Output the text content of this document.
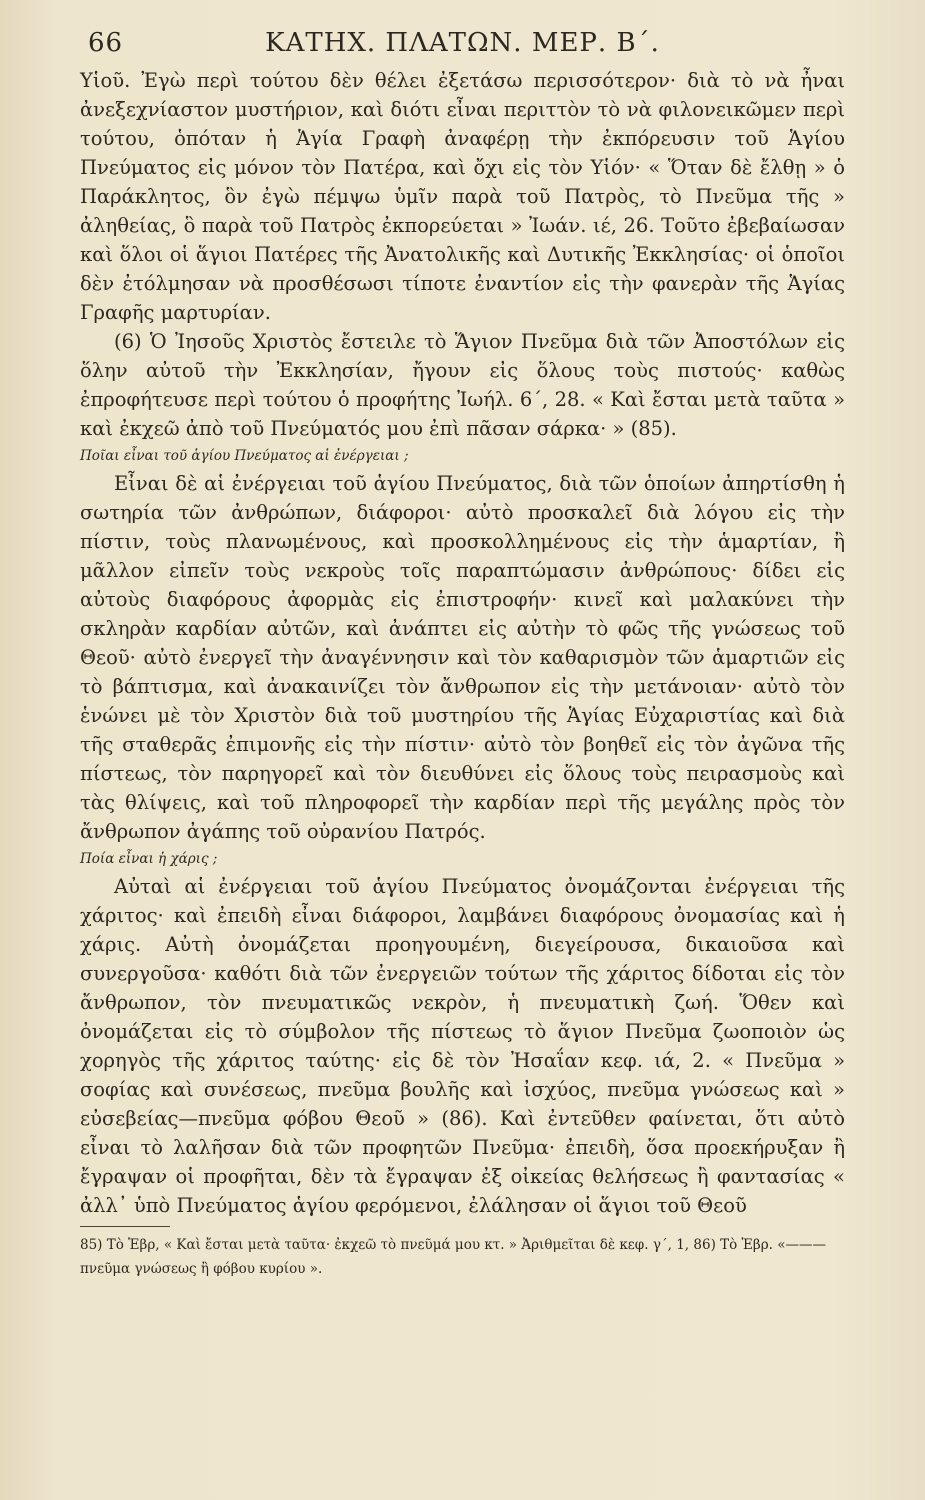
66	ΚΑΤΗΧ. ΠΛΑΤΩΝ. ΜΕΡ. Β΄.

Υἱοῦ. Ἐγὼ περὶ τούτου δὲν θέλει ἐξετάσω περισσότερον· διὰ τὸ νὰ ἦναι ἀνεξεχνίαστον μυστήριον, καὶ διότι εἶναι περιττὸν τὸ νὰ φιλονεικῶμεν περὶ τούτου, ὁπόταν ἡ Ἁγία Γραφὴ ἀναφέρῃ τὴν ἐκπόρευσιν τοῦ Ἁγίου Πνεύματος εἰς μόνον τὸν Πατέρα, καὶ ὄχι εἰς τὸν Υἱόν· « Ὅταν δὲ ἔλθῃ » ὁ Παράκλητος, ὃν ἐγὼ πέμψω ὑμῖν παρὰ τοῦ Πατρὸς, τὸ Πνεῦμα τῆς » ἀληθείας, ὃ παρὰ τοῦ Πατρὸς ἐκπορεύεται » Ἰωάν. ιέ, 26. Τοῦτο ἐβεβαίωσαν καὶ ὅλοι οἱ ἅγιοι Πατέρες τῆς Ἀνατολικῆς καὶ Δυτικῆς Ἐκκλησίας· οἱ ὁποῖοι δὲν ἐτόλμησαν νὰ προσθέσωσι τίποτε ἐναντίον εἰς τὴν φανερὰν τῆς Ἁγίας Γραφῆς μαρτυρίαν.

(6) Ὁ Ἰησοῦς Χριστὸς ἔστειλε τὸ Ἅγιον Πνεῦμα διὰ τῶν Ἀποστόλων εἰς ὅλην αὐτοῦ τὴν Ἐκκλησίαν, ἤγουν εἰς ὅλους τοὺς πιστούς· καθὼς ἐπροφήτευσε περὶ τούτου ὁ προφήτης Ἰωήλ. 6΄, 28. « Καὶ ἔσται μετὰ ταῦτα » καὶ ἐκχεῶ ἀπὸ τοῦ Πνεύματός μου ἐπὶ πᾶσαν σάρκα· » (85).

Ποῖαι εἶναι τοῦ ἁγίου Πνεύματος αἱ ἐνέργειαι ;

Εἶναι δὲ αἱ ἐνέργειαι τοῦ ἁγίου Πνεύματος, διὰ τῶν ὁποίων ἀπηρτίσθη ἡ σωτηρία τῶν ἀνθρώπων, διάφοροι· αὐτὸ προσκαλεῖ διὰ λόγου εἰς τὴν πίστιν, τοὺς πλανωμένους, καὶ προσκολλημένους εἰς τὴν ἁμαρτίαν, ἢ μᾶλλον εἰπεῖν τοὺς νεκροὺς τοῖς παραπτώμασιν ἀνθρώπους· δίδει εἰς αὐτοὺς διαφόρους ἀφορμὰς εἰς ἐπιστροφήν· κινεῖ καὶ μαλακύνει τὴν σκληρὰν καρδίαν αὐτῶν, καὶ ἀνάπτει εἰς αὐτὴν τὸ φῶς τῆς γνώσεως τοῦ Θεοῦ· αὐτὸ ἐνεργεῖ τὴν ἀναγέννησιν καὶ τὸν καθαρισμὸν τῶν ἁμαρτιῶν εἰς τὸ βάπτισμα, καὶ ἀνακαινίζει τὸν ἄνθρωπον εἰς τὴν μετάνοιαν· αὐτὸ τὸν ἑνώνει μὲ τὸν Χριστὸν διὰ τοῦ μυστηρίου τῆς Ἁγίας Εὐχαριστίας καὶ διὰ τῆς σταθερᾶς ἐπιμονῆς εἰς τὴν πίστιν· αὐτὸ τὸν βοηθεῖ εἰς τὸν ἀγῶνα τῆς πίστεως, τὸν παρηγορεῖ καὶ τὸν διευθύνει εἰς ὅλους τοὺς πειρασμοὺς καὶ τὰς θλίψεις, καὶ τοῦ πληροφορεῖ τὴν καρδίαν περὶ τῆς μεγάλης πρὸς τὸν ἄνθρωπον ἀγάπης τοῦ οὐρανίου Πατρός.

Ποία εἶναι ἡ χάρις ;

Αὐταὶ αἱ ἐνέργειαι τοῦ ἁγίου Πνεύματος ὀνομάζονται ἐνέργειαι τῆς χάριτος· καὶ ἐπειδὴ εἶναι διάφοροι, λαμβάνει διαφόρους ὀνομασίας καὶ ἡ χάρις. Αὐτὴ ὀνομάζεται προηγουμένη, διεγείρουσα, δικαιοῦσα καὶ συνεργοῦσα· καθότι διὰ τῶν ἐνεργειῶν τούτων τῆς χάριτος δίδοται εἰς τὸν ἄνθρωπον, τὸν πνευματικῶς νεκρὸν, ἡ πνευματικὴ ζωή. Ὅθεν καὶ ὀνομάζεται εἰς τὸ σύμβολον τῆς πίστεως τὸ ἅγιον Πνεῦμα ζωοποιὸν ὡς χορηγὸς τῆς χάριτος ταύτης· εἰς δὲ τὸν Ἠσαΐαν κεφ. ιά, 2. « Πνεῦμα » σοφίας καὶ συνέσεως, πνεῦμα βουλῆς καὶ ἰσχύος, πνεῦμα γνώσεως καὶ » εὐσεβείας—πνεῦμα φόβου Θεοῦ » (86). Καὶ ἐντεῦθεν φαίνεται, ὅτι αὐτὸ εἶναι τὸ λαλῆσαν διὰ τῶν προφητῶν Πνεῦμα· ἐπειδὴ, ὅσα προεκήρυξαν ἢ ἔγραψαν οἱ προφῆται, δὲν τὰ ἔγραψαν ἐξ οἰκείας θελήσεως ἢ φαντασίας « ἀλλ᾽ ὑπὸ Πνεύματος ἁγίου φερόμενοι, ἐλάλησαν οἱ ἅγιοι τοῦ Θεοῦ

85) Τὸ Ἑβρ, « Καὶ ἔσται μετὰ ταῦτα· ἐκχεῶ τὸ πνεῦμά μου κτ. » Ἀριθμεῖται δὲ κεφ. γ΄, 1, 86) Τὸ Ἑβρ. «———πνεῦμα γνώσεως ἢ φόβου κυρίου ».
